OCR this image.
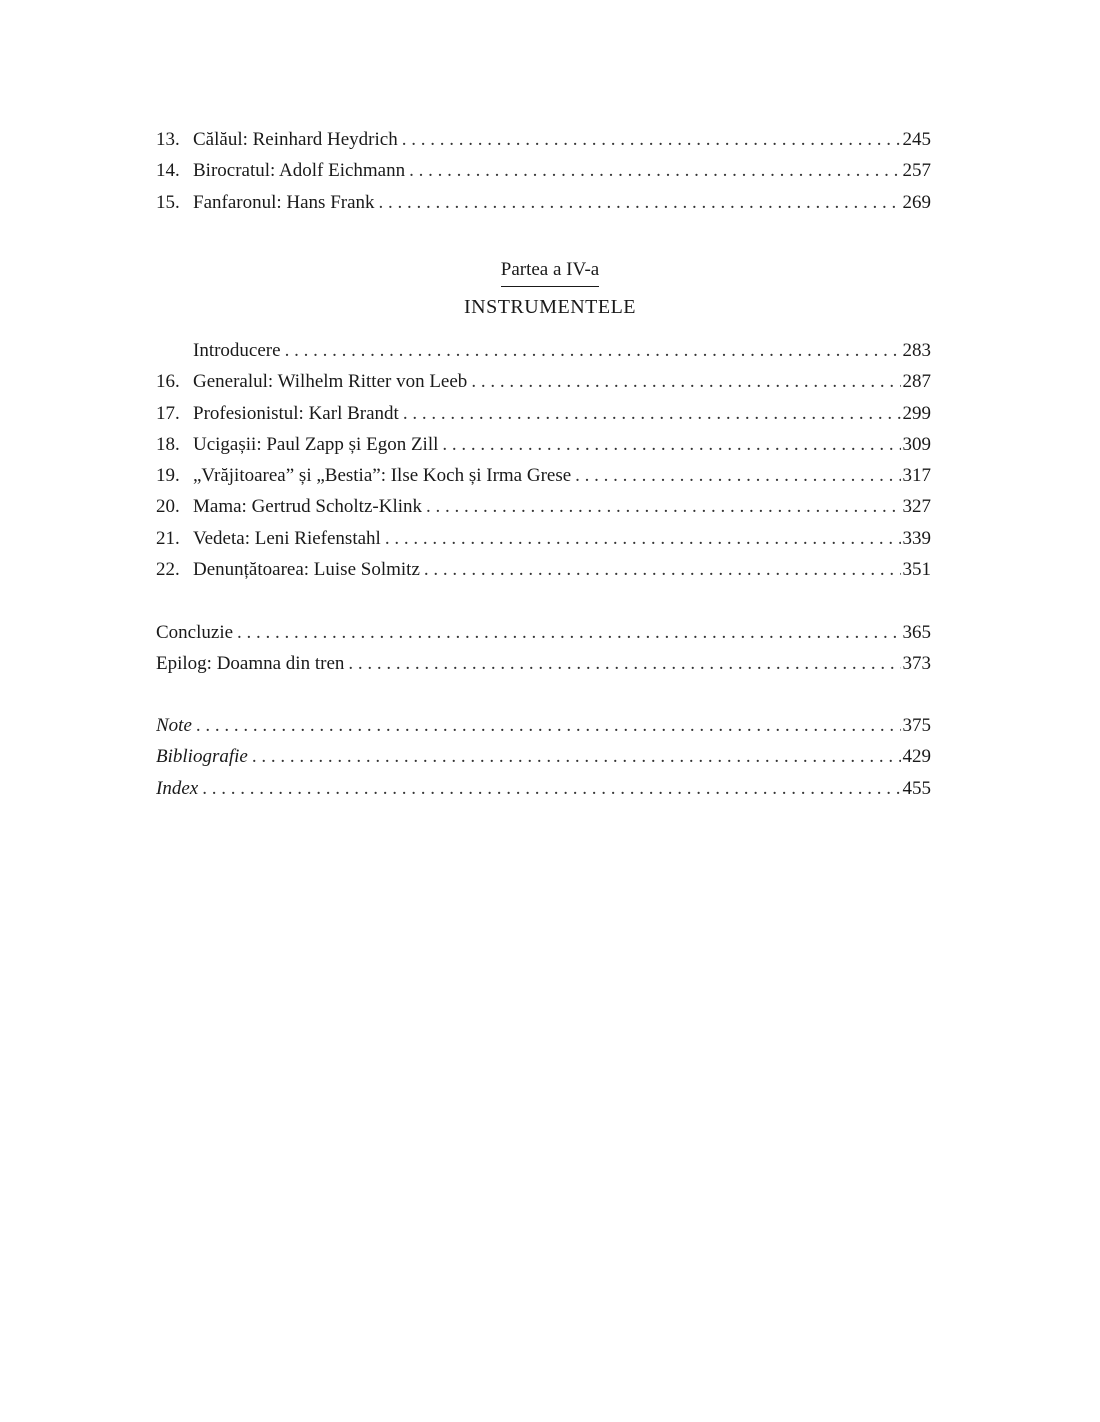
13. Călăul: Reinhard Heydrich . . .	245
14. Birocratul: Adolf Eichmann . . .	257
15. Fanfaronul: Hans Frank . . .	269
Partea a IV-a
INSTRUMENTELE
Introducere . . .	283
16. Generalul: Wilhelm Ritter von Leeb . . .	287
17. Profesionistul: Karl Brandt . . .	299
18. Ucigașii: Paul Zapp și Egon Zill . . .	309
19. „Vrăjitoarea” și „Bestia”: Ilse Koch și Irma Grese . . .	317
20. Mama: Gertrud Scholtz-Klink . . .	327
21. Vedeta: Leni Riefenstahl . . .	339
22. Denunțătoarea: Luise Solmitz . . .	351
Concluzie . . .	365
Epilog: Doamna din tren . . .	373
Note . . .	375
Bibliografie . . .	429
Index . . .	455
